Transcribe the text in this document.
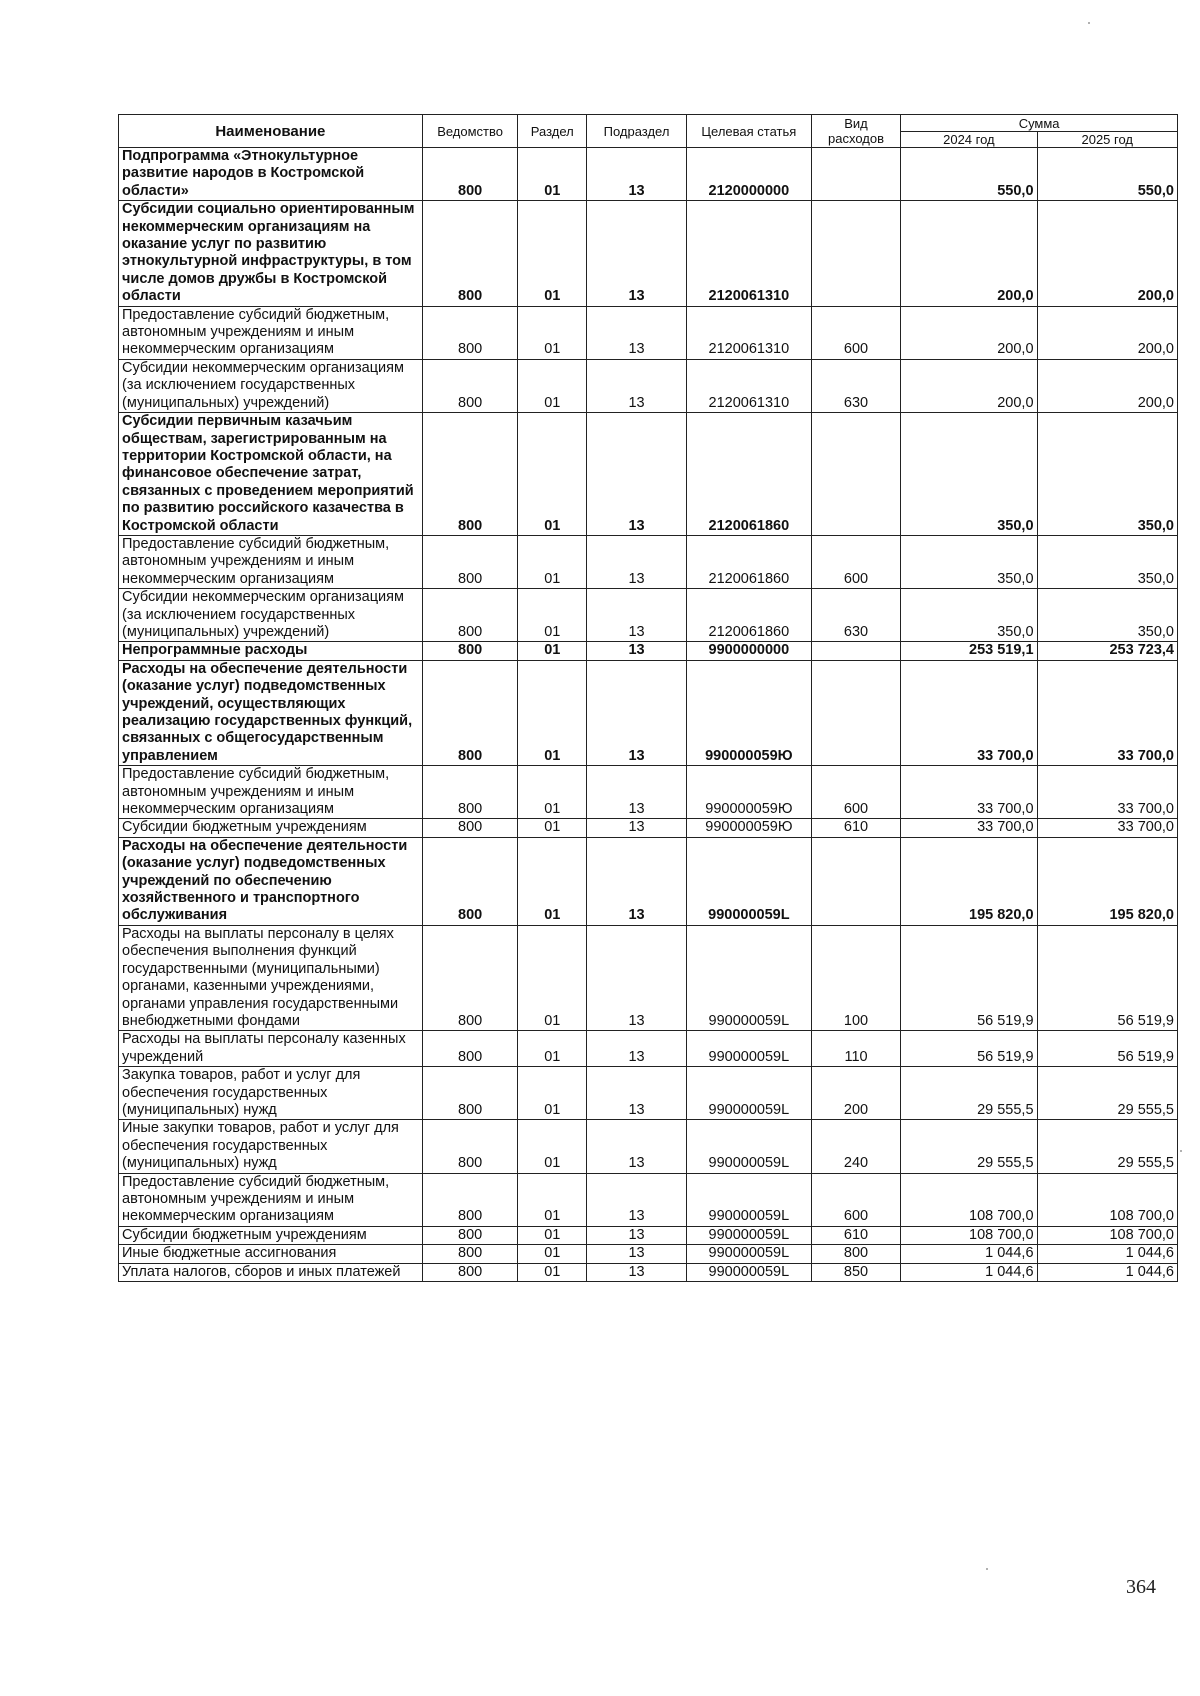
Наименование	Ведомство	Раздел	Подраздел	Целевая статья	Вид расходов	Сумма	
						2024 год	2025 год
Подпрограмма «Этнокультурное развитие народов в Костромской области»	800	01	13	2120000000		550,0	550,0
Субсидии социально ориентированным некоммерческим организациям на оказание услуг по развитию этнокультурной инфраструктуры, в том числе домов дружбы в Костромской области	800	01	13	2120061310		200,0	200,0
Предоставление субсидий бюджетным, автономным учреждениям и иным некоммерческим организациям	800	01	13	2120061310	600	200,0	200,0
Субсидии некоммерческим организациям (за исключением государственных (муниципальных) учреждений)	800	01	13	2120061310	630	200,0	200,0
Субсидии первичным казачьим обществам, зарегистрированным на территории Костромской области, на финансовое обеспечение затрат, связанных с проведением мероприятий по развитию российского казачества в Костромской области	800	01	13	2120061860		350,0	350,0
Предоставление субсидий бюджетным, автономным учреждениям и иным некоммерческим организациям	800	01	13	2120061860	600	350,0	350,0
Субсидии некоммерческим организациям (за исключением государственных (муниципальных) учреждений)	800	01	13	2120061860	630	350,0	350,0
Непрограммные расходы	800	01	13	9900000000		253 519,1	253 723,4
Расходы на обеспечение деятельности (оказание услуг) подведомственных учреждений, осуществляющих реализацию государственных функций, связанных с общегосударственным управлением	800	01	13	990000059Ю		33 700,0	33 700,0
Предоставление субсидий бюджетным, автономным учреждениям и иным некоммерческим организациям	800	01	13	990000059Ю	600	33 700,0	33 700,0
Субсидии бюджетным учреждениям	800	01	13	990000059Ю	610	33 700,0	33 700,0
Расходы на обеспечение деятельности (оказание услуг) подведомственных учреждений по обеспечению хозяйственного и транспортного обслуживания	800	01	13	990000059L		195 820,0	195 820,0
Расходы на выплаты персоналу в целях обеспечения выполнения функций государственными (муниципальными) органами, казенными учреждениями, органами управления государственными внебюджетными фондами	800	01	13	990000059L	100	56 519,9	56 519,9
Расходы на выплаты персоналу казенных учреждений	800	01	13	990000059L	110	56 519,9	56 519,9
Закупка товаров, работ и услуг для обеспечения государственных (муниципальных) нужд	800	01	13	990000059L	200	29 555,5	29 555,5
Иные закупки товаров, работ и услуг для обеспечения государственных (муниципальных) нужд	800	01	13	990000059L	240	29 555,5	29 555,5
Предоставление субсидий бюджетным, автономным учреждениям и иным некоммерческим организациям	800	01	13	990000059L	600	108 700,0	108 700,0
Субсидии бюджетным учреждениям	800	01	13	990000059L	610	108 700,0	108 700,0
Иные бюджетные ассигнования	800	01	13	990000059L	800	1 044,6	1 044,6
Уплата налогов, сборов и иных платежей	800	01	13	990000059L	850	1 044,6	1 044,6
364
